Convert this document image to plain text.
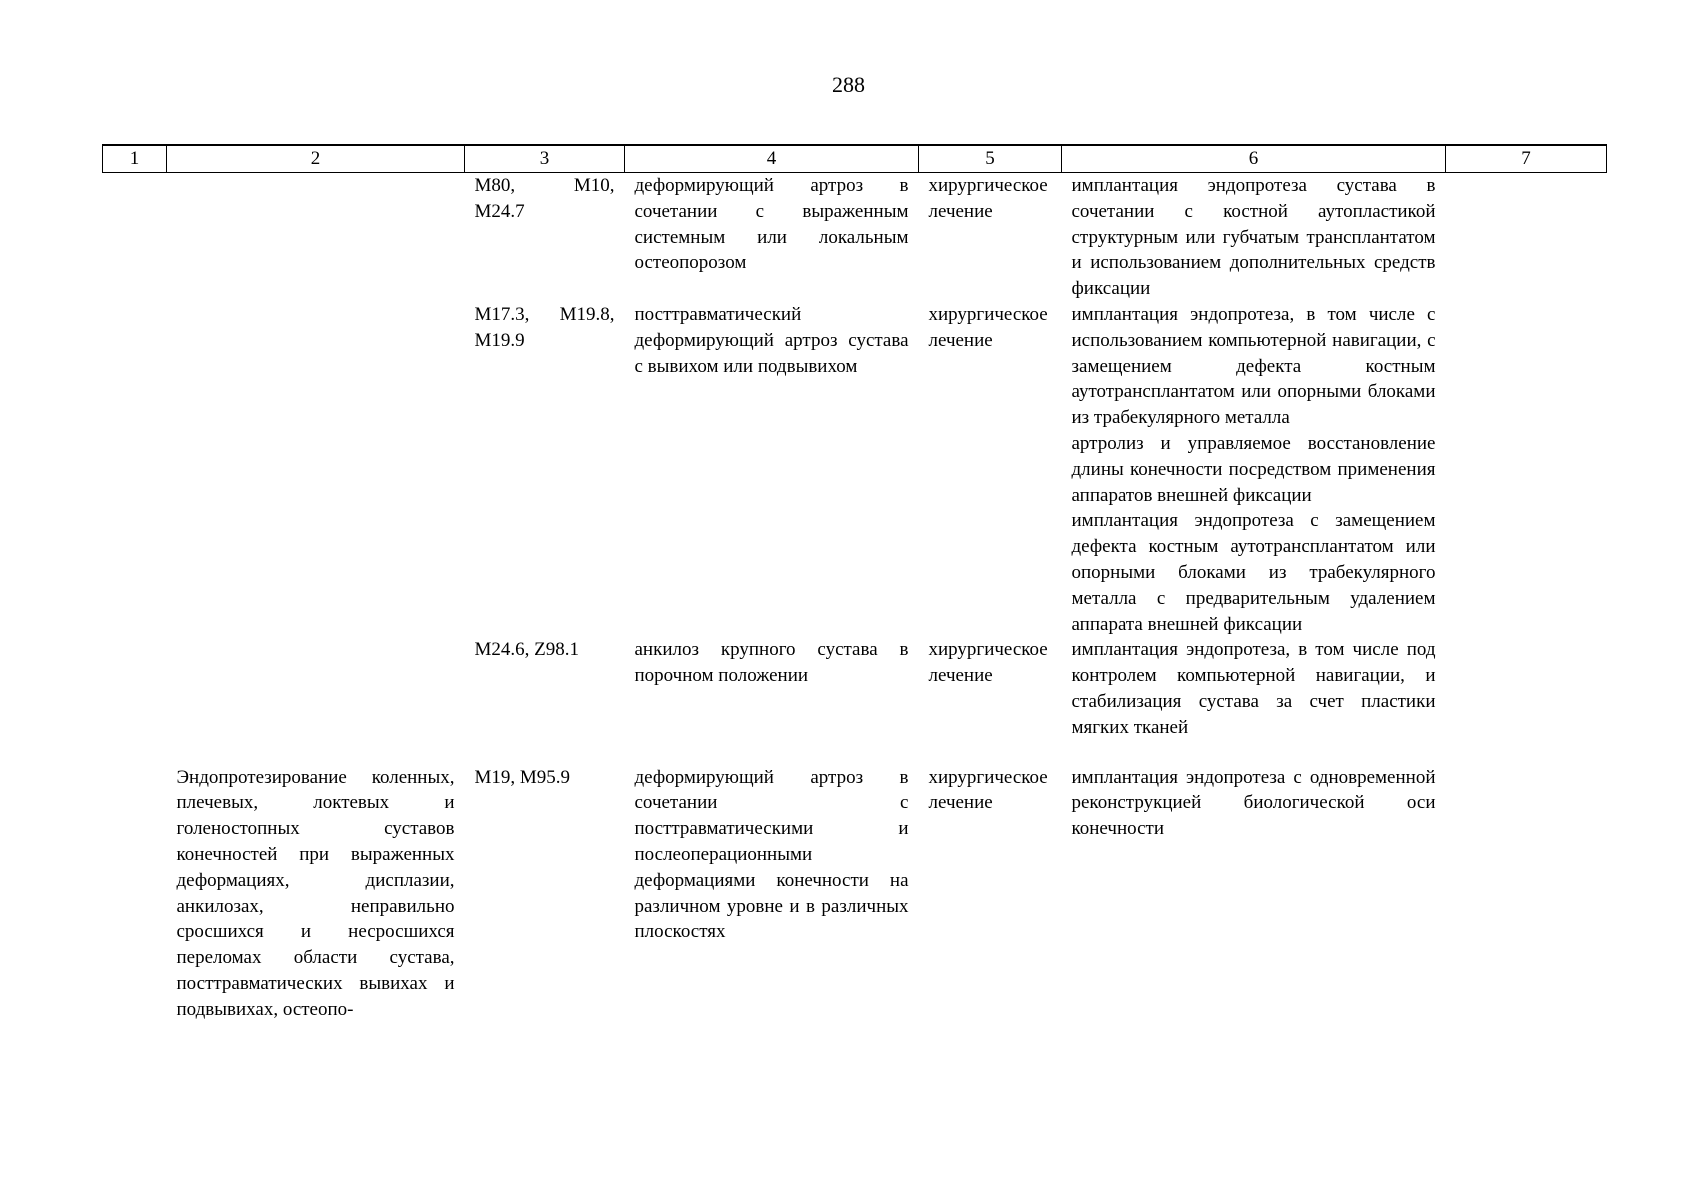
288
1	2	3	4	5	6	7
		M80, M10, M24.7	деформирующий артроз в сочетании с выраженным системным или локальным остеопорозом	хирургическое лечение	имплантация эндопротеза сустава в сочетании с костной аутопластикой структурным или губчатым трансплантатом и использованием дополнительных средств фиксации	

		M17.3, M19.8, M19.9	посттравматический деформирующий артроз сустава с вывихом или подвывихом	хирургическое лечение	имплантация эндопротеза, в том числе с использованием компьютерной навигации, с замещением дефекта костным аутотрансплантатом или опорными блоками из трабекулярного металла
артролиз и управляемое восстановление длины конечности посредством применения аппаратов внешней фиксации
имплантация эндопротеза с замещением дефекта костным аутотрансплантатом или опорными блоками из трабекулярного металла с предварительным удалением аппарата внешней фиксации	

		M24.6, Z98.1	анкилоз крупного сустава в порочном положении	хирургическое лечение	имплантация эндопротеза, в том числе под контролем компьютерной навигации, и стабилизация сустава за счет пластики мягких тканей	

	Эндопротезирование коленных, плечевых, локтевых и голеностопных суставов конечностей при выраженных деформациях, дисплазии, анкилозах, неправильно сросшихся и несросшихся переломах области сустава, посттравматических вывихах и подвывихах, остеопо-	M19, M95.9	деформирующий артроз в сочетании с посттравматическими и послеоперационными деформациями конечности на различном уровне и в различных плоскостях	хирургическое лечение	имплантация эндопротеза с одновременной реконструкцией биологической оси конечности	
